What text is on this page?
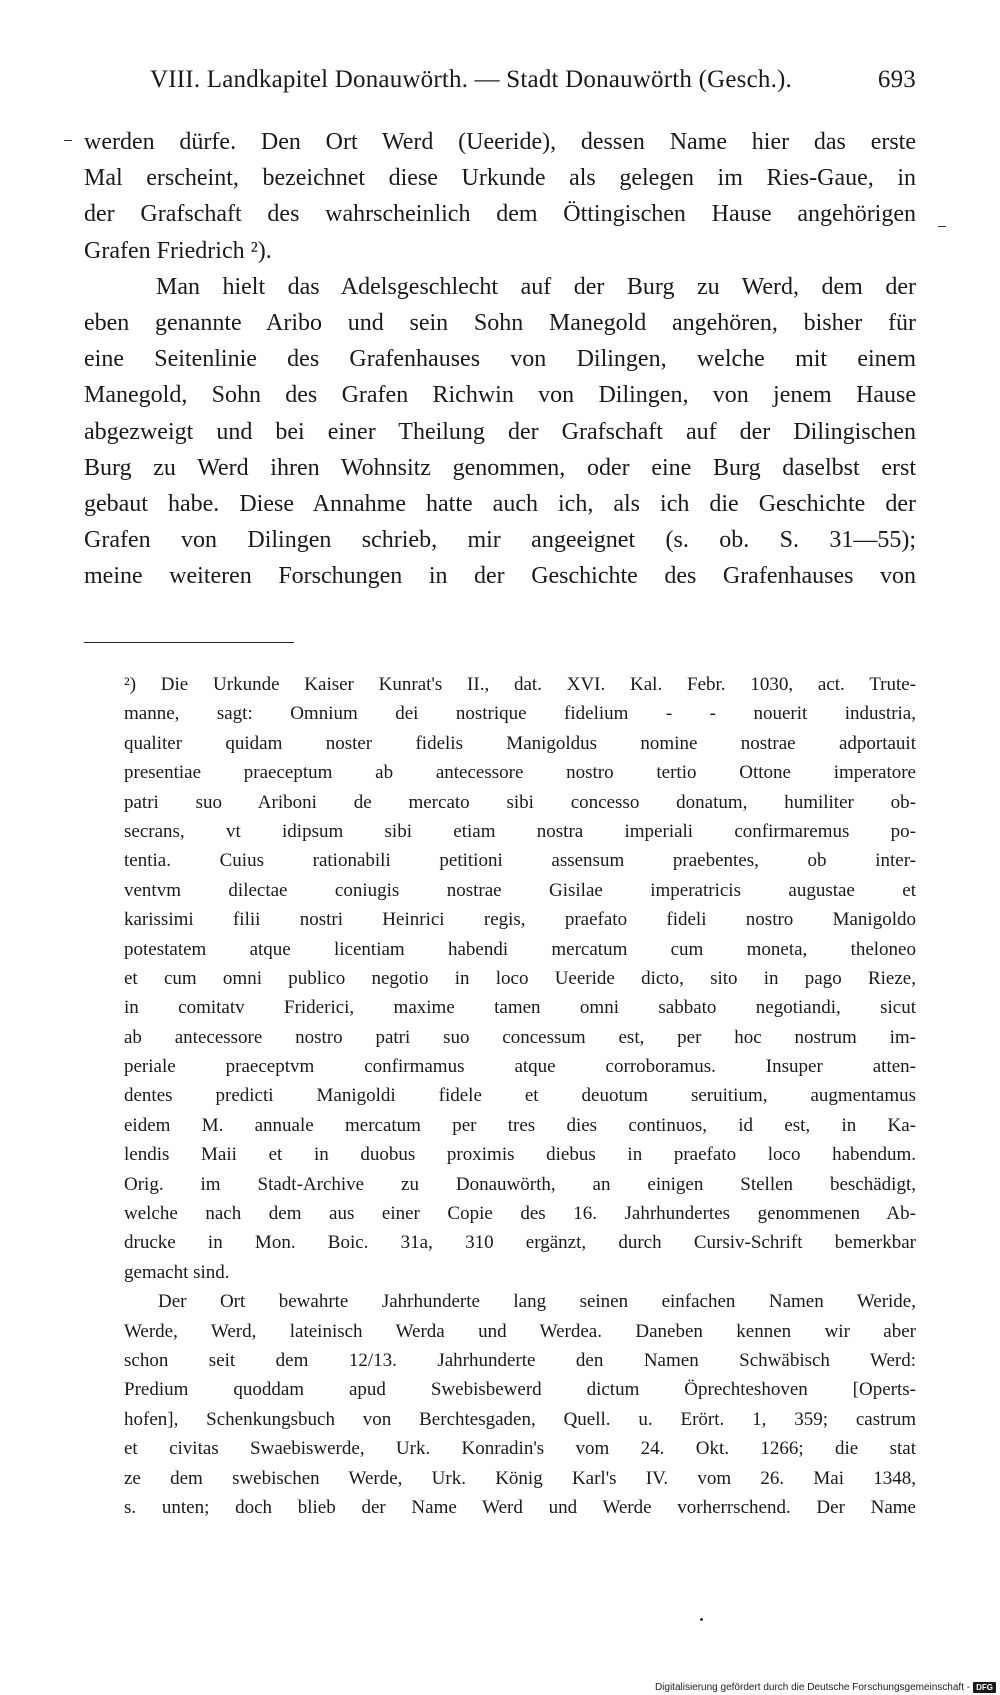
VIII. Landkapitel Donauwörth. — Stadt Donauwörth (Gesch.).	693
werden dürfe. Den Ort Werd (Ueeride), dessen Name hier das erste
Mal erscheint, bezeichnet diese Urkunde als gelegen im Ries-Gaue, in
der Grafschaft des wahrscheinlich dem Öttingischen Hause angehörigen
Grafen Friedrich ²).
Man hielt das Adelsgeschlecht auf der Burg zu Werd, dem der
eben genannte Aribo und sein Sohn Manegold angehören, bisher für
eine Seitenlinie des Grafenhauses von Dilingen, welche mit einem
Manegold, Sohn des Grafen Richwin von Dilingen, von jenem Hause
abgezweigt und bei einer Theilung der Grafschaft auf der Dilingischen
Burg zu Werd ihren Wohnsitz genommen, oder eine Burg daselbst erst
gebaut habe. Diese Annahme hatte auch ich, als ich die Geschichte der
Grafen von Dilingen schrieb, mir angeeignet (s. ob. S. 31—55);
meine weiteren Forschungen in der Geschichte des Grafenhauses von
²) Die Urkunde Kaiser Kunrat's II., dat. XVI. Kal. Febr. 1030, act. Trute-
manne, sagt: Omnium dei nostrique fidelium - - nouerit industria,
qualiter quidam noster fidelis Manigoldus nomine nostrae adportauit
presentiae praeceptum ab antecessore nostro tertio Ottone imperatore
patri suo Ariboni de mercato sibi concesso donatum, humiliter ob-
secrans, vt idipsum sibi etiam nostra imperiali confirmaremus po-
tentia. Cuius rationabili petitioni assensum praebentes, ob inter-
ventvm dilectae coniugis nostrae Gisilae imperatricis augustae et
karissimi filii nostri Heinrici regis, praefato fideli nostro Manigoldo
potestatem atque licentiam habendi mercatum cum moneta, theloneo
et cum omni publico negotio in loco Ueeride dicto, sito in pago Rieze,
in comitatv Friderici, maxime tamen omni sabbato negotiandi, sicut
ab antecessore nostro patri suo concessum est, per hoc nostrum im-
periale praeceptvm confirmamus atque corroboramus. Insuper atten-
dentes predicti Manigoldi fidele et deuotum seruitium, augmentamus
eidem M. annuale mercatum per tres dies continuos, id est, in Ka-
lendis Maii et in duobus proximis diebus in praefato loco habendum.
Orig. im Stadt-Archive zu Donauwörth, an einigen Stellen beschädigt,
welche nach dem aus einer Copie des 16. Jahrhundertes genommenen Ab-
drucke in Mon. Boic. 31a, 310 ergänzt, durch Cursiv-Schrift bemerkbar
gemacht sind.
Der Ort bewahrte Jahrhunderte lang seinen einfachen Namen Weride,
Werde, Werd, lateinisch Werda und Werdea. Daneben kennen wir aber
schon seit dem 12/13. Jahrhunderte den Namen Schwäbisch Werd:
Predium quoddam apud Swebisbewerd dictum Öprechteshoven [Operts-
hofen], Schenkungsbuch von Berchtesgaden, Quell. u. Erört. 1, 359; castrum
et civitas Swaebiswerde, Urk. Konradin's vom 24. Okt. 1266; die stat
ze dem swebischen Werde, Urk. König Karl's IV. vom 26. Mai 1348,
s. unten; doch blieb der Name Werd und Werde vorherrschend. Der Name
Digitalisierung gefördert durch die Deutsche Forschungsgemeinschaft - DFG
